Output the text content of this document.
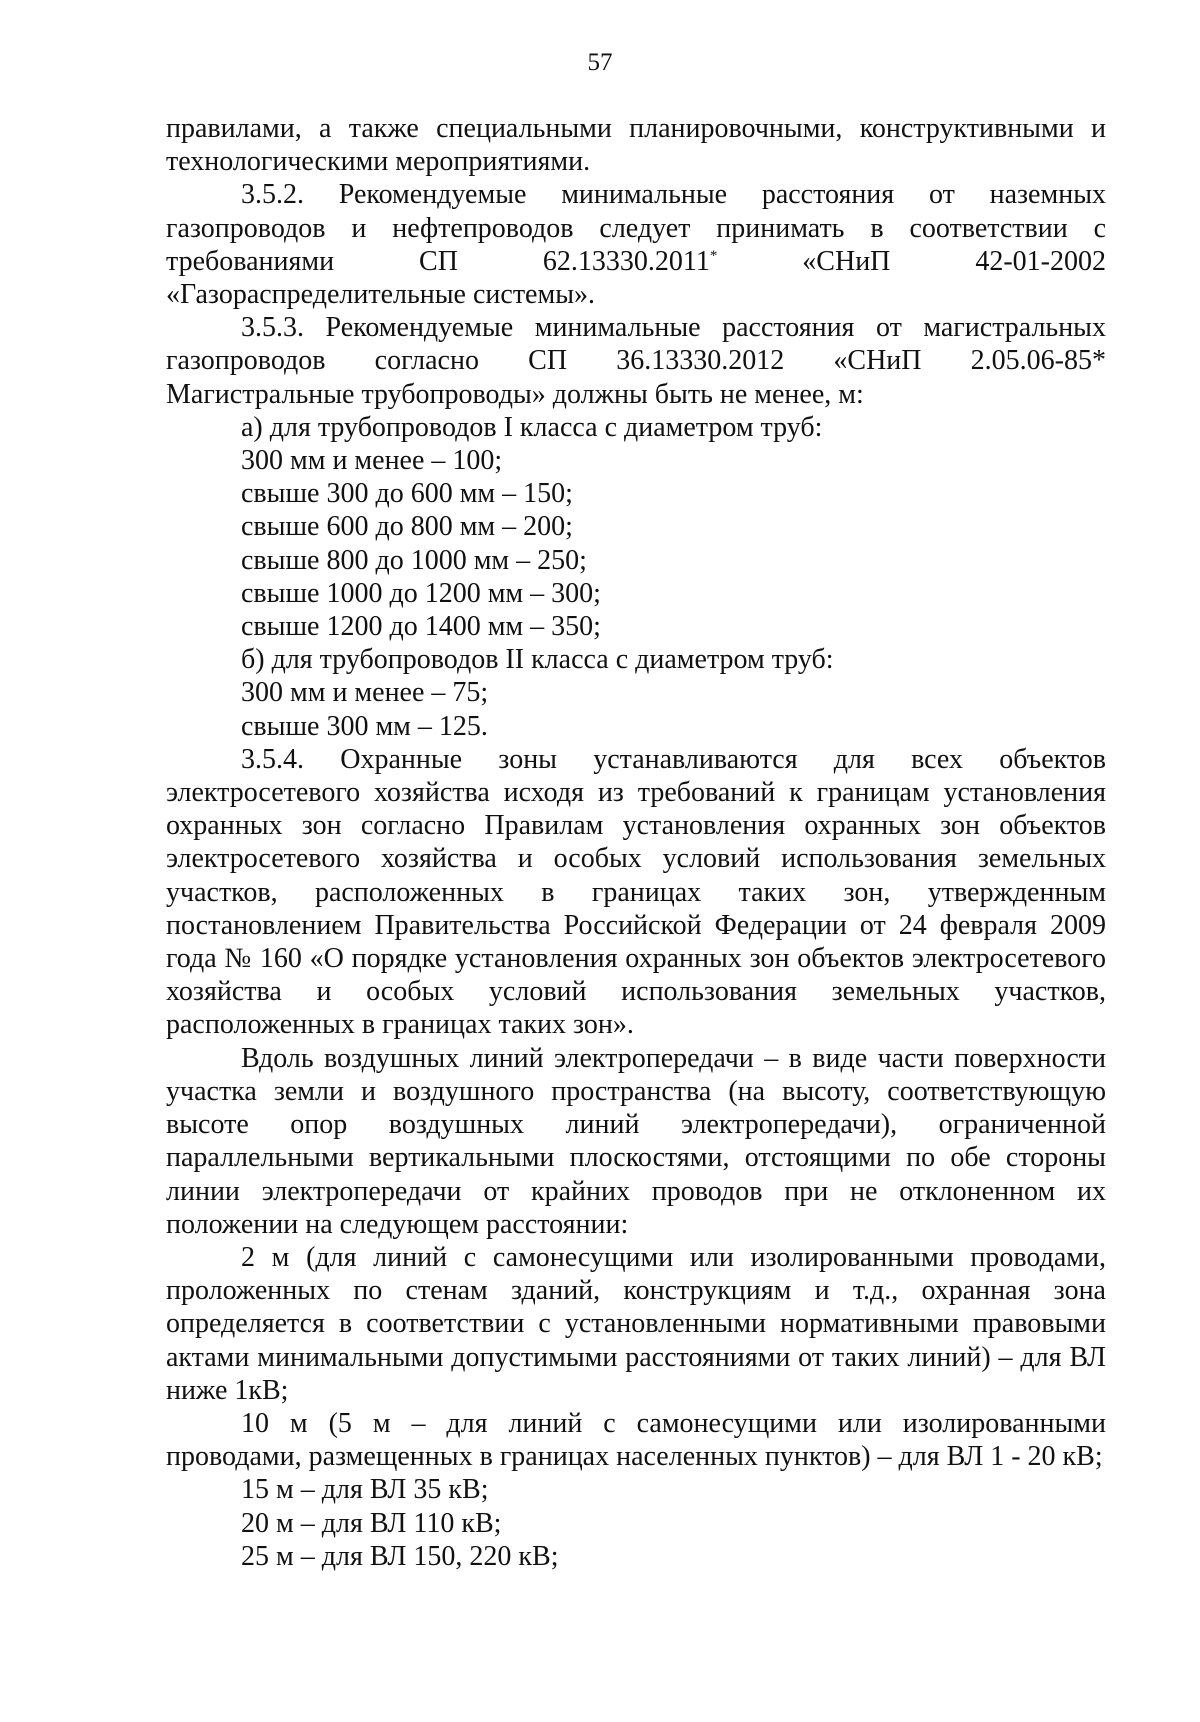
57

правилами, а также специальными планировочными, конструктивными и технологическими мероприятиями.

3.5.2. Рекомендуемые минимальные расстояния от наземных
газопроводов и нефтепроводов следует принимать в соответствии с
требованиями СП 62.13330.2011* «СНиП 42-01-2002
«Газораспределительные системы».
3.5.3. Рекомендуемые минимальные расстояния от магистральных
газопроводов согласно СП 36.13330.2012 «СНиП 2.05.06-85*
Магистральные трубопроводы» должны быть не менее, м:

а) для трубопроводов I класса с диаметром труб:

300 мм и менее – 100;

свыше 300 до 600 мм – 150;

свыше 600 до 800 мм – 200;

свыше 800 до 1000 мм – 250;

свыше 1000 до 1200 мм – 300;

свыше 1200 до 1400 мм – 350;

б) для трубопроводов II класса с диаметром труб:

300 мм и менее – 75;

свыше 300 мм – 125.

3.5.4. Охранные зоны устанавливаются для всех объектов электросетевого хозяйства исходя из требований к границам установления охранных зон согласно Правилам установления охранных зон объектов электросетевого хозяйства и особых условий использования земельных участков, расположенных в границах таких зон, утвержденным постановлением Правительства Российской Федерации от 24 февраля 2009 года № 160 «О порядке установления охранных зон объектов электросетевого хозяйства и особых условий использования земельных участков, расположенных в границах таких зон».

Вдоль воздушных линий электропередачи – в виде части поверхности участка земли и воздушного пространства (на высоту, соответствующую высоте опор воздушных линий электропередачи), ограниченной параллельными вертикальными плоскостями, отстоящими по обе стороны линии электропередачи от крайних проводов при не отклоненном их положении на следующем расстоянии:

2 м (для линий с самонесущими или изолированными проводами, проложенных по стенам зданий, конструкциям и т.д., охранная зона определяется в соответствии с установленными нормативными правовыми актами минимальными допустимыми расстояниями от таких линий) – для ВЛ ниже 1кВ;

10 м (5 м – для линий с самонесущими или изолированными проводами, размещенных в границах населенных пунктов) – для ВЛ 1 - 20 кВ;

15 м – для ВЛ 35 кВ;

20 м – для ВЛ 110 кВ;

25 м – для ВЛ 150, 220 кВ;
